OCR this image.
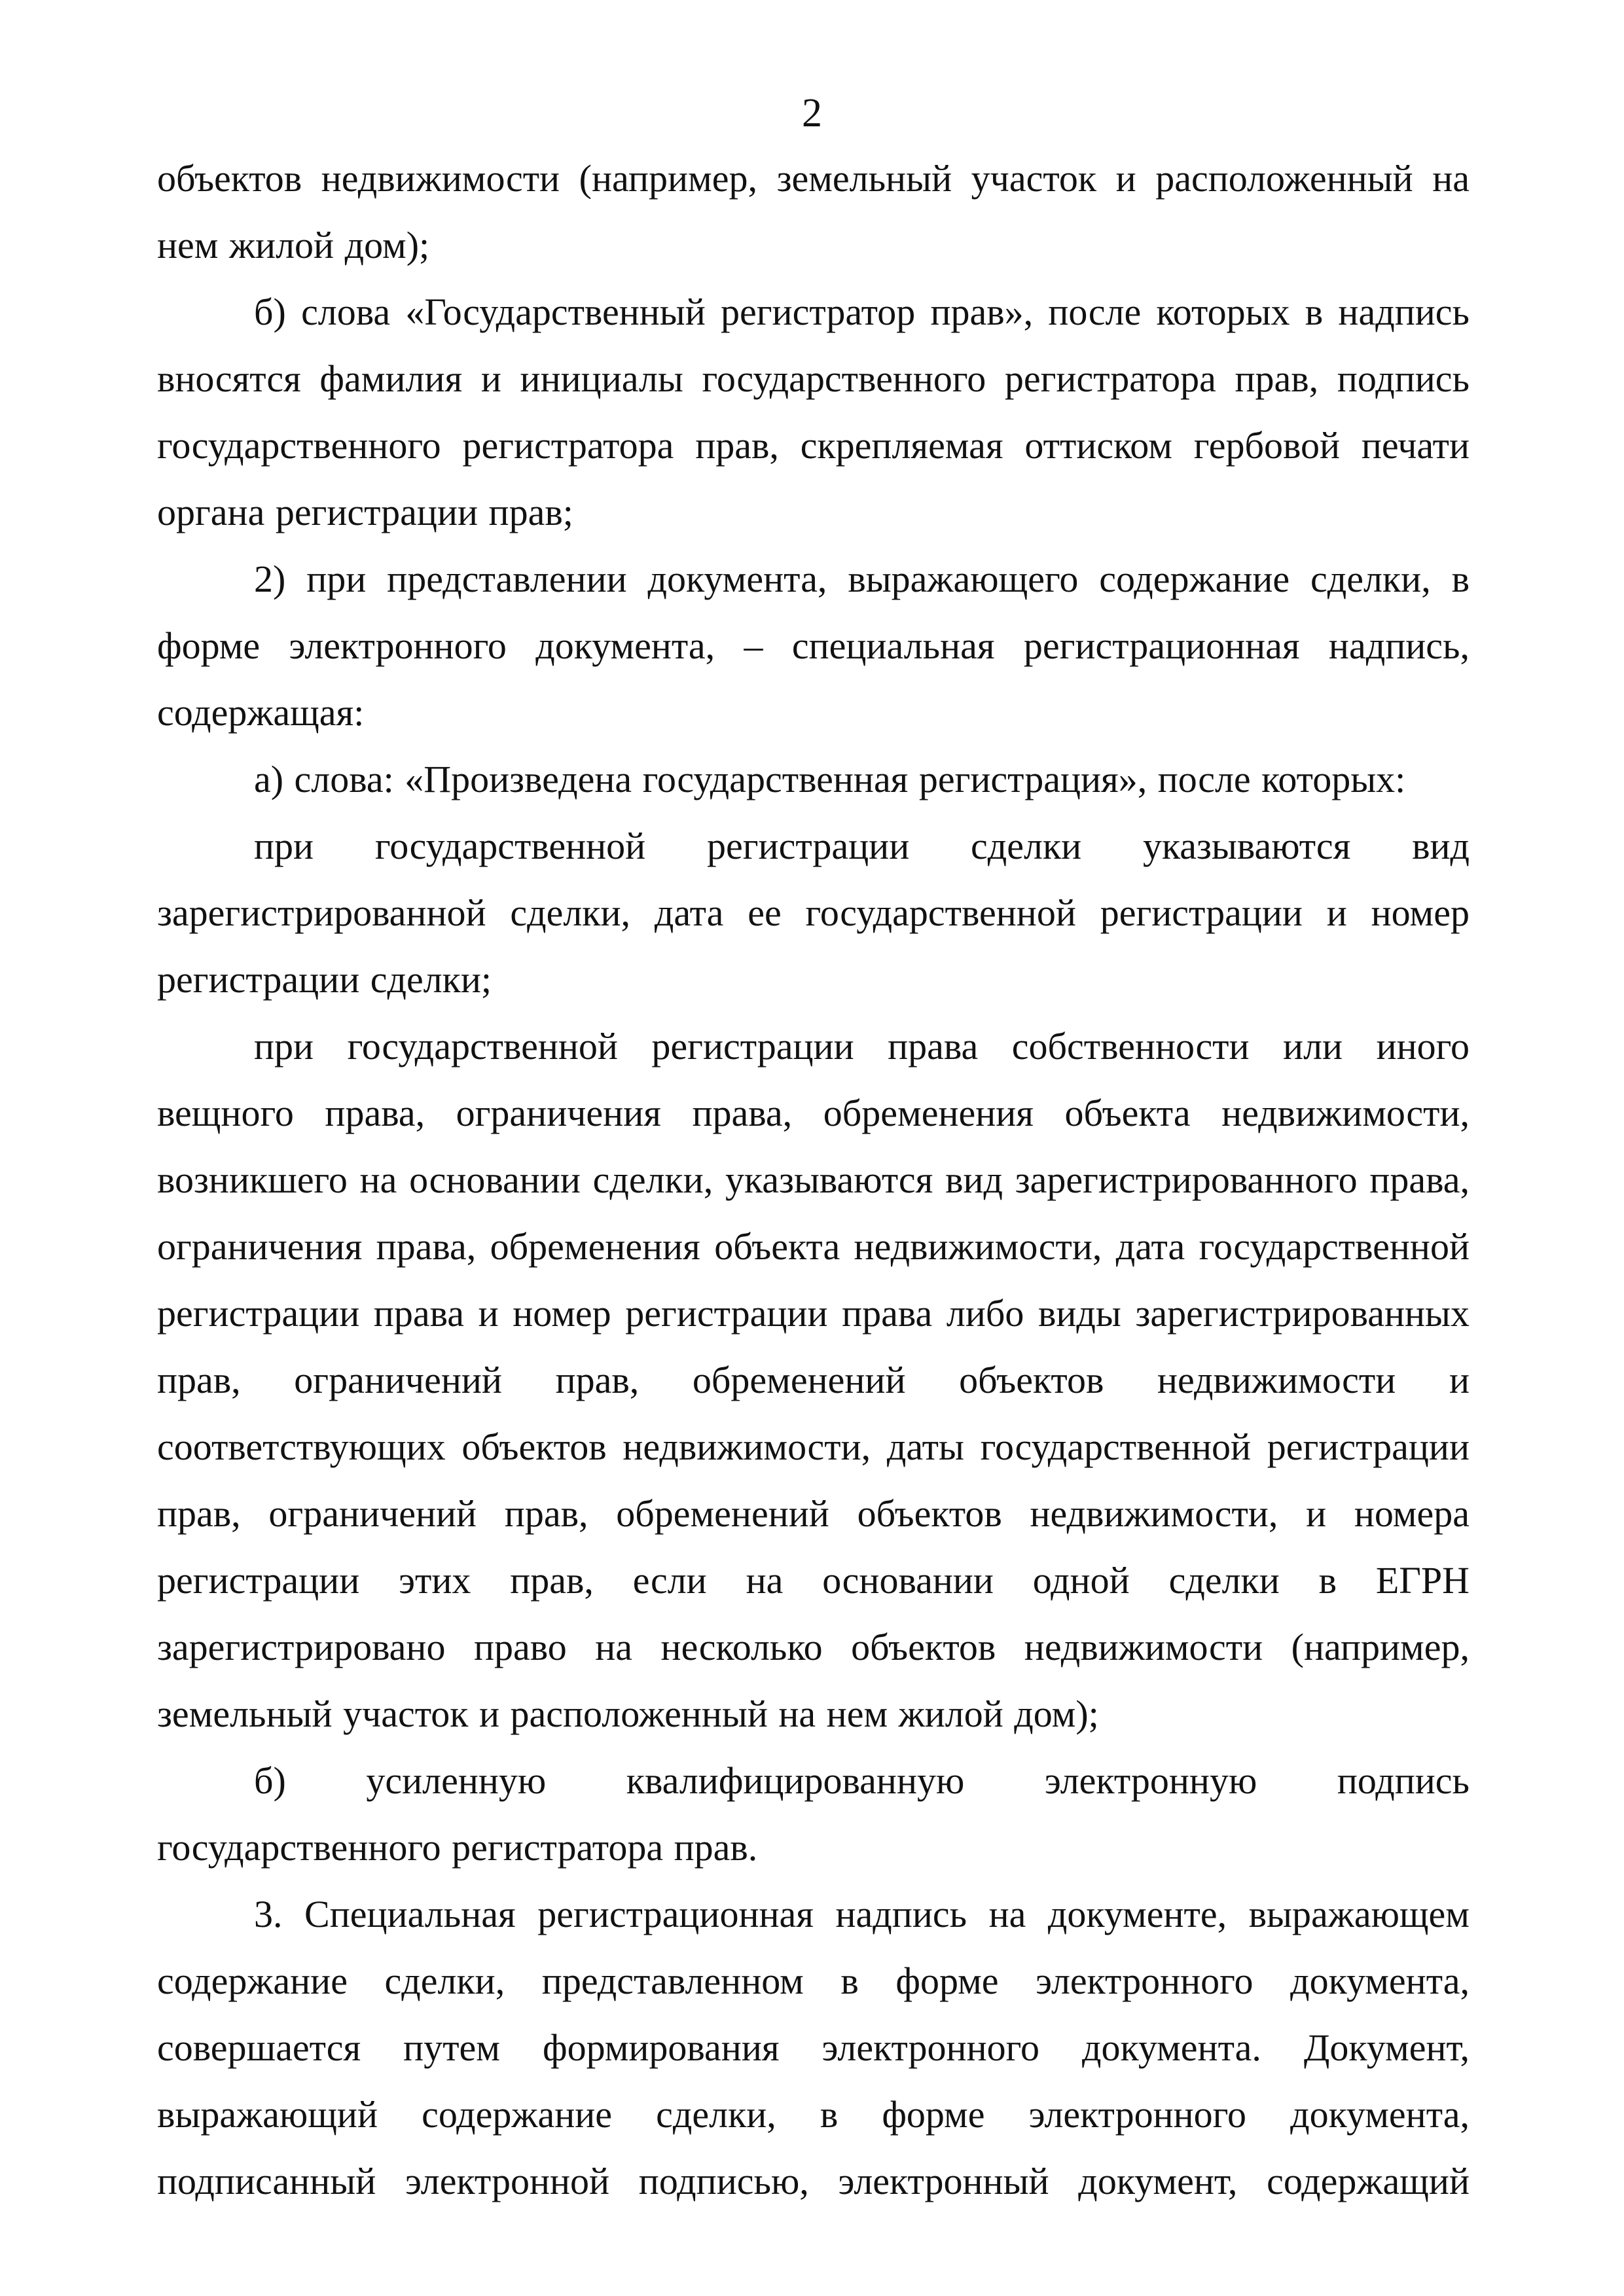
2

объектов недвижимости (например, земельный участок и расположенный на нем жилой дом);

б) слова «Государственный регистратор прав», после которых в надпись вносятся фамилия и инициалы государственного регистратора прав, подпись государственного регистратора прав, скрепляемая оттиском гербовой печати органа регистрации прав;

2) при представлении документа, выражающего содержание сделки, в форме электронного документа, – специальная регистрационная надпись, содержащая:

а) слова: «Произведена государственная регистрация», после которых:

при государственной регистрации сделки указываются вид зарегистрированной сделки, дата ее государственной регистрации и номер регистрации сделки;

при государственной регистрации права собственности или иного вещного права, ограничения права, обременения объекта недвижимости, возникшего на основании сделки, указываются вид зарегистрированного права, ограничения права, обременения объекта недвижимости, дата государственной регистрации права и номер регистрации права либо виды зарегистрированных прав, ограничений прав, обременений объектов недвижимости и соответствующих объектов недвижимости, даты государственной регистрации прав, ограничений прав, обременений объектов недвижимости, и номера регистрации этих прав, если на основании одной сделки в ЕГРН зарегистрировано право на несколько объектов недвижимости (например, земельный участок и расположенный на нем жилой дом);

б) усиленную квалифицированную электронную подпись государственного регистратора прав.

3. Специальная регистрационная надпись на документе, выражающем содержание сделки, представленном в форме электронного документа, совершается путем формирования электронного документа. Документ, выражающий содержание сделки, в форме электронного документа, подписанный электронной подписью, электронный документ, содержащий
